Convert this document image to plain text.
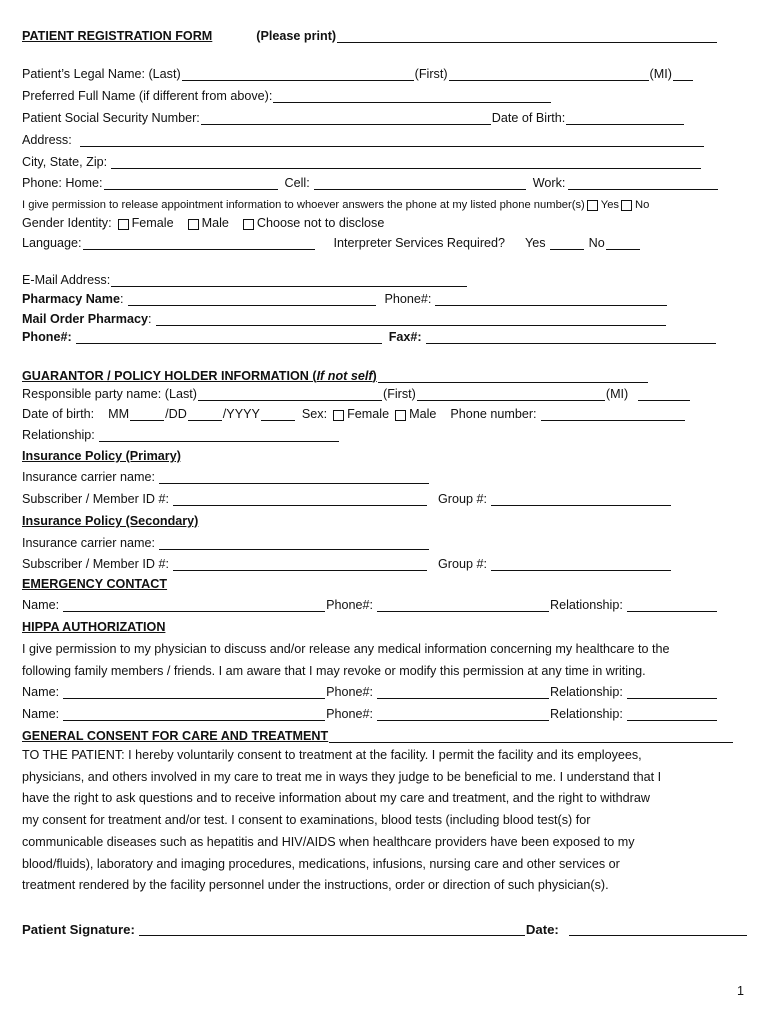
PATIENT REGISTRATION FORM	(Please print)
Patient’s Legal Name: (Last)	(First)	(MI)
Preferred Full Name (if different from above):
Patient Social Security Number:	Date of Birth:
Address:
City, State, Zip:
Phone: Home:	Cell:	Work:
I give permission to release appointment information to whoever answers the phone at my listed phone number(s) Yes No
Gender Identity: Female Male Choose not to disclose
Language:	Interpreter Services Required? Yes	No
E-Mail Address:
Pharmacy Name :	Phone#:
Mail Order Pharmacy :
Phone#:	Fax#:
GUARANTOR / POLICY HOLDER INFORMATION (If not self)
Responsible party name: (Last)	(First)	(MI)
Date of birth: MM	/DD	/YYYY	Sex: Female Male Phone number:
Relationship:
Insurance Policy (Primary)
Insurance carrier name:
Subscriber / Member ID #:	Group #:
Insurance Policy (Secondary)
Insurance carrier name:
Subscriber / Member ID #:	Group #:
EMERGENCY CONTACT
Name:	Phone#:	Relationship:
HIPPA AUTHORIZATION
I give permission to my physician to discuss and/or release any medical information concerning my healthcare to the
following family members / friends. I am aware that I may revoke or modify this permission at any time in writing.
Name:	Phone#:	Relationship:
Name:	Phone#:	Relationship:
GENERAL CONSENT FOR CARE AND TREATMENT
TO THE PATIENT: I hereby voluntarily consent to treatment at the facility. I permit the facility and its employees,
physicians, and others involved in my care to treat me in ways they judge to be beneficial to me. I understand that I
have the right to ask questions and to receive information about my care and treatment, and the right to withdraw
my consent for treatment and/or test. I consent to examinations, blood tests (including blood test(s) for
communicable diseases such as hepatitis and HIV/AIDS when healthcare providers have been exposed to my
blood/fluids), laboratory and imaging procedures, medications, infusions, nursing care and other services or
treatment rendered by the facility personnel under the instructions, order or direction of such physician(s).
Patient Signature:	Date:
1
